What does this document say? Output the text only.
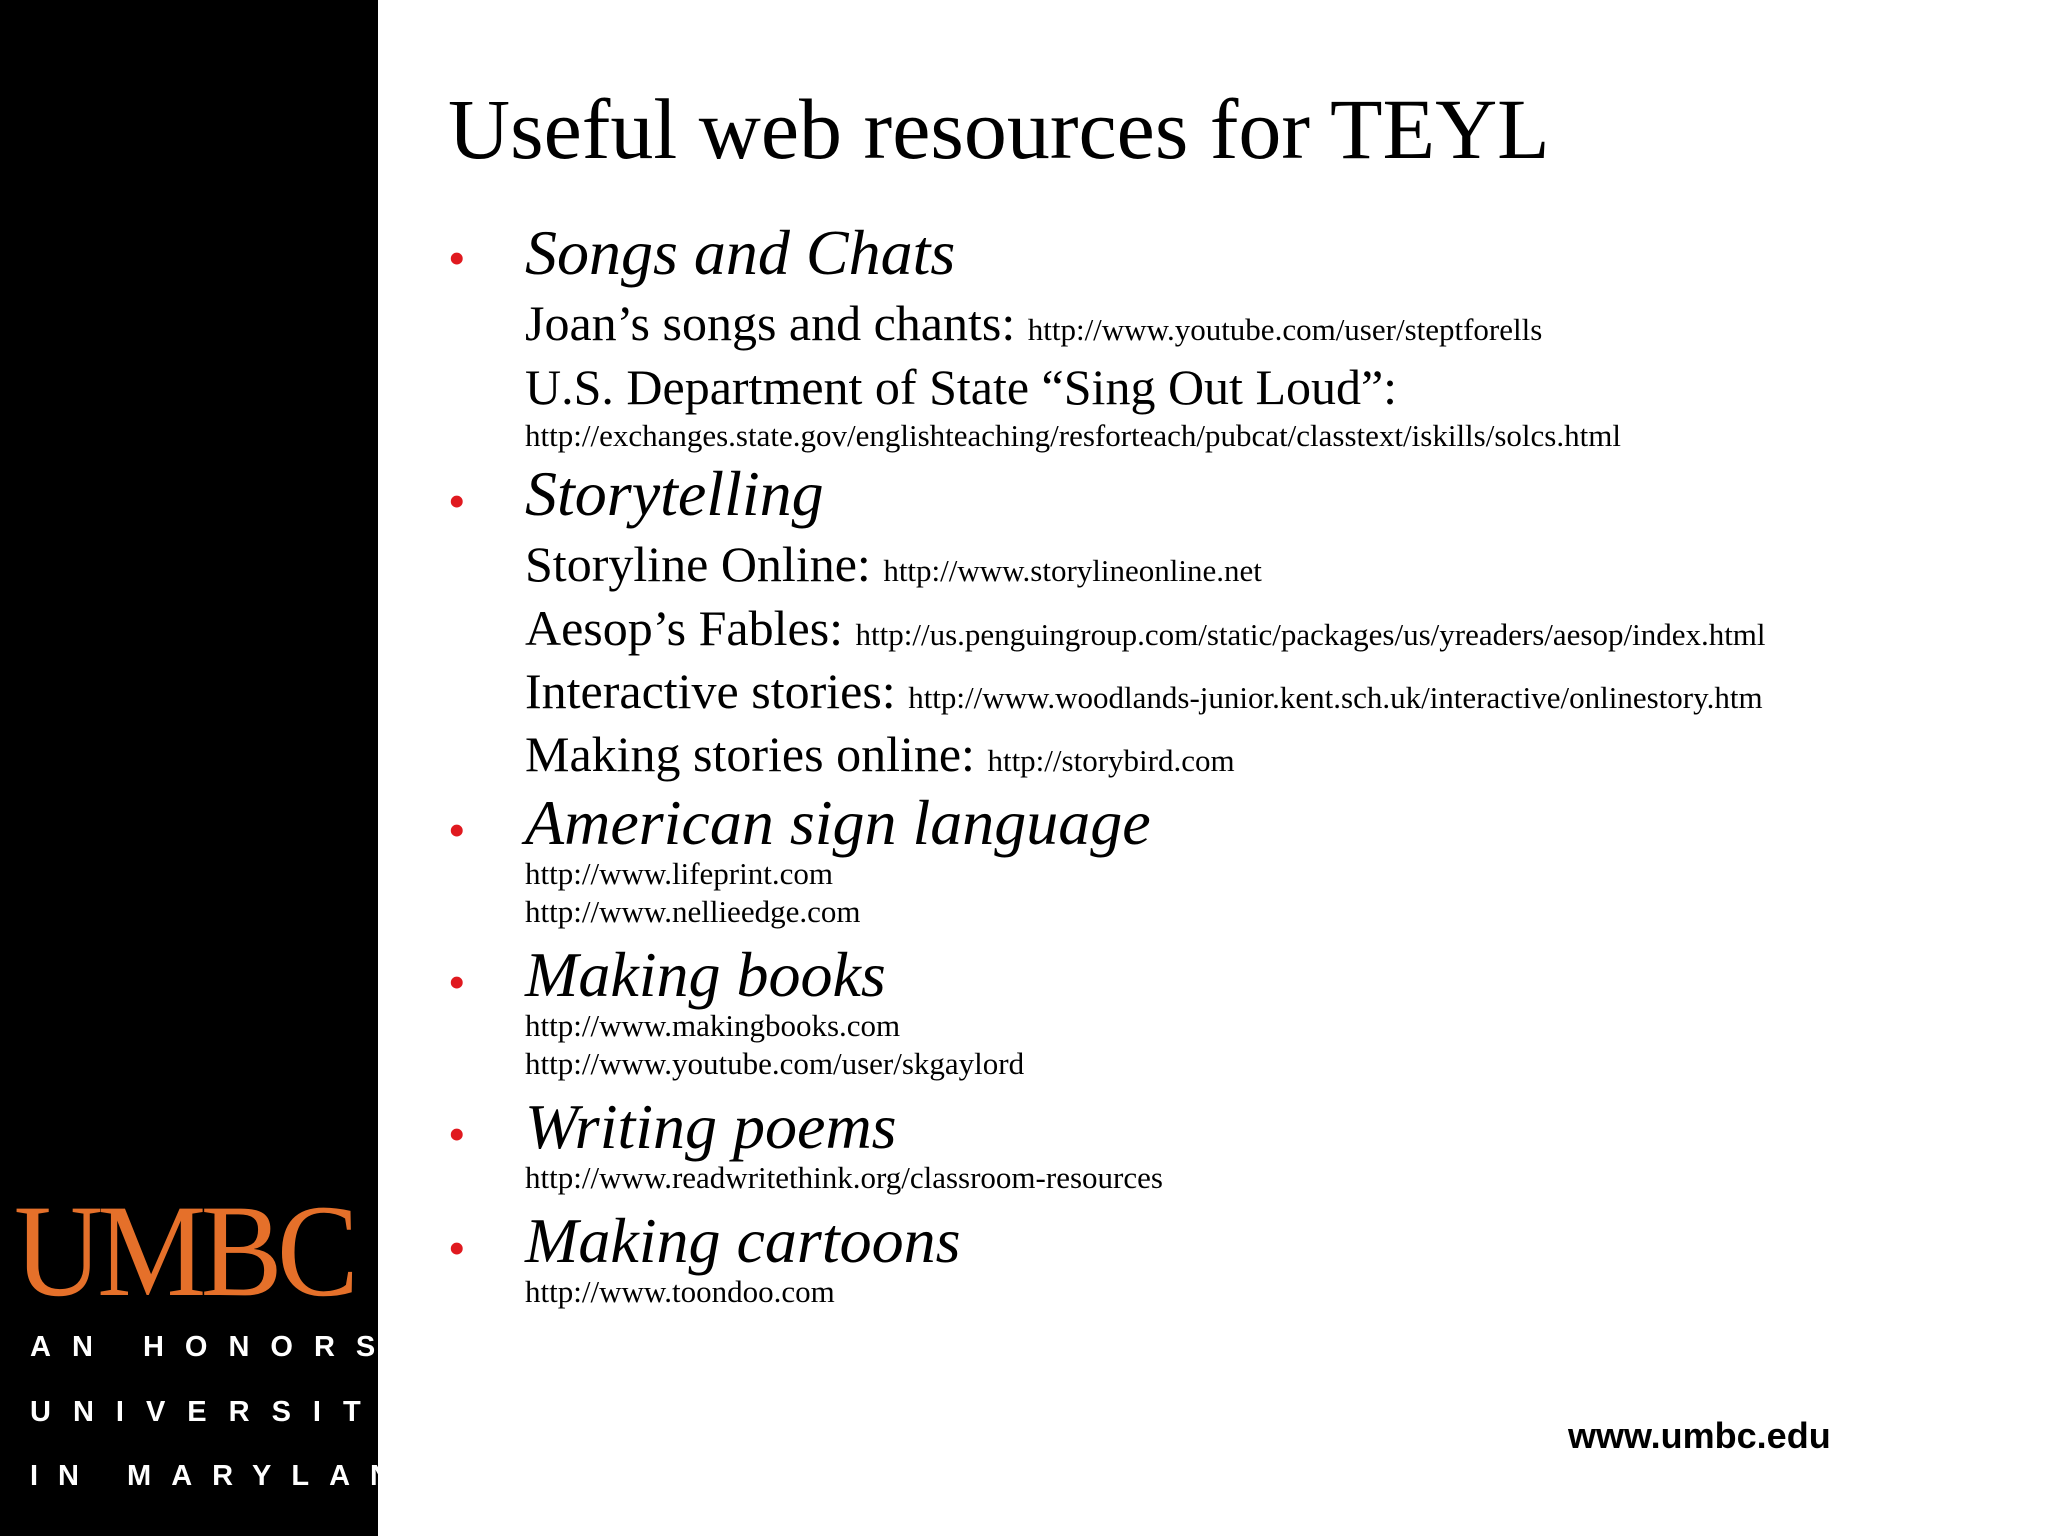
UMBC
AN HONORS
UNIVERSITY
IN MARYLAND
Useful web resources for TEYL
• Songs and Chats
Joan’s songs and chants: http://www.youtube.com/user/steptforells
U.S. Department of State “Sing Out Loud”:
http://exchanges.state.gov/englishteaching/resforteach/pubcat/classtext/iskills/solcs.html
• Storytelling
Storyline Online: http://www.storylineonline.net
Aesop’s Fables: http://us.penguingroup.com/static/packages/us/yreaders/aesop/index.html
Interactive stories: http://www.woodlands-junior.kent.sch.uk/interactive/onlinestory.htm
Making stories online: http://storybird.com
• American sign language
http://www.lifeprint.com
http://www.nellieedge.com
• Making books
http://www.makingbooks.com
http://www.youtube.com/user/skgaylord
• Writing poems
http://www.readwritethink.org/classroom-resources
• Making cartoons
http://www.toondoo.com
www.umbc.edu
